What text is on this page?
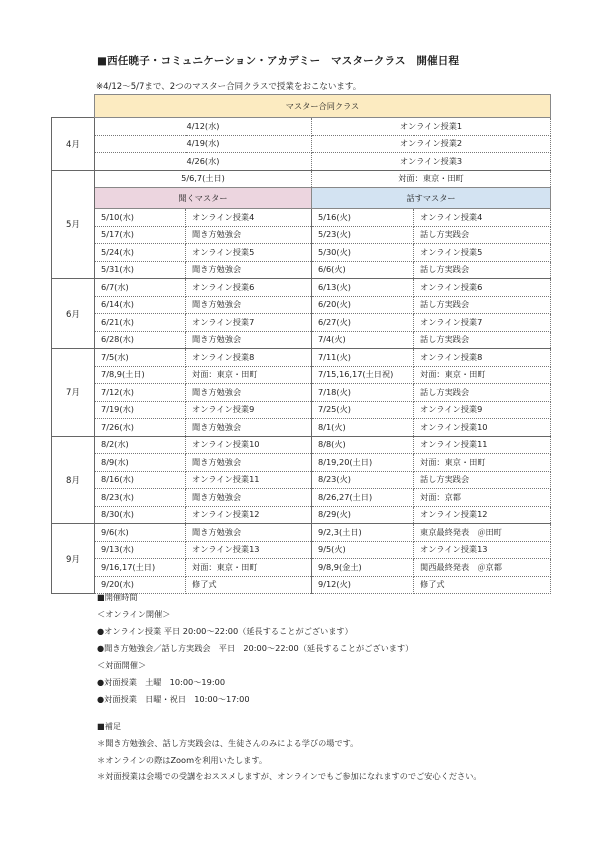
■西任暁子・コミュニケーション・アカデミー　マスタークラス　開催日程
※4/12〜5/7まで、2つのマスター合同クラスで授業をおこないます。
	マスター合同クラス			
4月	4/12(水)		オンライン授業1	
	4/19(水)		オンライン授業2	
	4/26(水)		オンライン授業3	
5月	5/6,7(土日)		対面：東京・田町	
	聞くマスター		話すマスター	
	5/10(水)	オンライン授業4	5/16(火)	オンライン授業4
	5/17(水)	聞き方勉強会	5/23(火)	話し方実践会
	5/24(水)	オンライン授業5	5/30(火)	オンライン授業5
	5/31(水)	聞き方勉強会	6/6(火)	話し方実践会
6月	6/7(水)	オンライン授業6	6/13(火)	オンライン授業6
	6/14(水)	聞き方勉強会	6/20(火)	話し方実践会
	6/21(水)	オンライン授業7	6/27(火)	オンライン授業7
	6/28(水)	聞き方勉強会	7/4(火)	話し方実践会
7月	7/5(水)	オンライン授業8	7/11(火)	オンライン授業8
	7/8,9(土日)	対面：東京・田町	7/15,16,17(土日祝)	対面：東京・田町
	7/12(水)	聞き方勉強会	7/18(火)	話し方実践会
	7/19(水)	オンライン授業9	7/25(火)	オンライン授業9
	7/26(水)	聞き方勉強会	8/1(火)	オンライン授業10
8月	8/2(水)	オンライン授業10	8/8(火)	オンライン授業11
	8/9(水)	聞き方勉強会	8/19,20(土日)	対面：東京・田町
	8/16(水)	オンライン授業11	8/23(火)	話し方実践会
	8/23(水)	聞き方勉強会	8/26,27(土日)	対面：京都
	8/30(水)	オンライン授業12	8/29(火)	オンライン授業12
9月	9/6(水)	聞き方勉強会	9/2,3(土日)	東京最終発表　＠田町
	9/13(水)	オンライン授業13	9/5(火)	オンライン授業13
	9/16,17(土日)	対面：東京・田町	9/8,9(金土)	関西最終発表　＠京都
	9/20(水)	修了式	9/12(火)	修了式
■開催時間
＜オンライン開催＞
●オンライン授業 平日 20:00〜22:00（延長することがございます）
●聞き方勉強会／話し方実践会　平日　20:00〜22:00（延長することがございます）
＜対面開催＞
●対面授業　土曜　10:00〜19:00
●対面授業　日曜・祝日　10:00〜17:00
■補足
＊聞き方勉強会、話し方実践会は、生徒さんのみによる学びの場です。
＊オンラインの際はZoomを利用いたします。
＊対面授業は会場での受講をおススメしますが、オンラインでもご参加になれますのでご安心ください。
